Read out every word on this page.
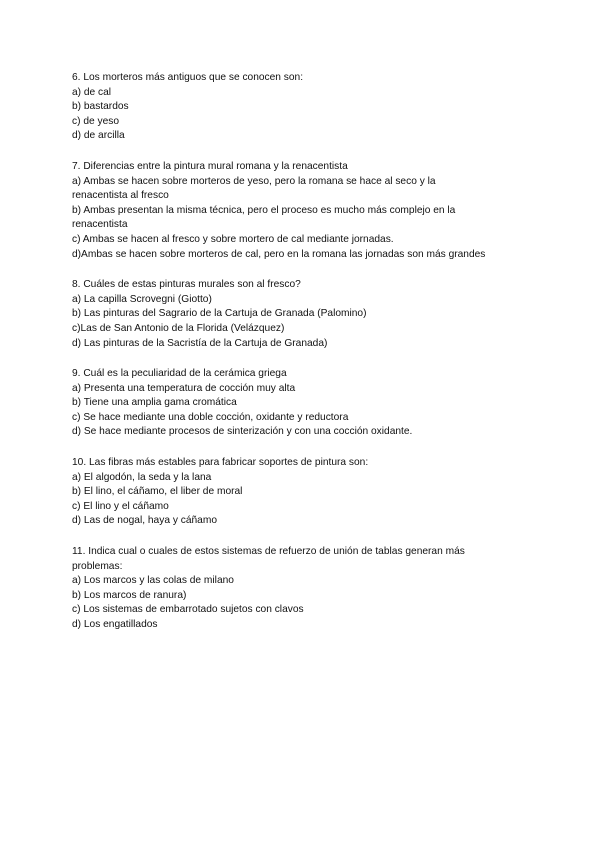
6. Los morteros más antiguos que se conocen son:
a) de cal
b) bastardos
c) de yeso
d) de arcilla
7. Diferencias entre la pintura mural romana y la renacentista
a) Ambas se hacen sobre morteros de yeso, pero la romana se hace al seco y la renacentista al fresco
b) Ambas presentan la misma técnica, pero el proceso es mucho más complejo en la renacentista
c) Ambas se hacen al fresco y sobre mortero de cal mediante jornadas.
d)Ambas se hacen sobre morteros de cal, pero en la romana las jornadas son más grandes
8. Cuáles de estas pinturas murales son al fresco?
a) La capilla Scrovegni (Giotto)
b) Las pinturas del Sagrario de la Cartuja de Granada (Palomino)
c)Las de San Antonio de la Florida (Velázquez)
d) Las pinturas de la Sacristía de la Cartuja de Granada)
9. Cuál es la peculiaridad de la cerámica griega
a) Presenta una temperatura de cocción muy alta
b) Tiene una amplia gama cromática
c) Se hace mediante una doble cocción, oxidante y reductora
d) Se hace mediante procesos de sinterización y con una cocción oxidante.
10. Las fibras más estables para fabricar soportes de pintura son:
a) El algodón, la seda y la lana
b) El lino, el cáñamo, el liber de moral
c) El lino y el cáñamo
d) Las de nogal, haya y cáñamo
11. Indica cual o cuales de estos sistemas de refuerzo de unión de tablas generan más problemas:
a) Los marcos y las colas de milano
b) Los marcos de ranura)
c) Los sistemas de embarrotado sujetos con clavos
d) Los engatillados
